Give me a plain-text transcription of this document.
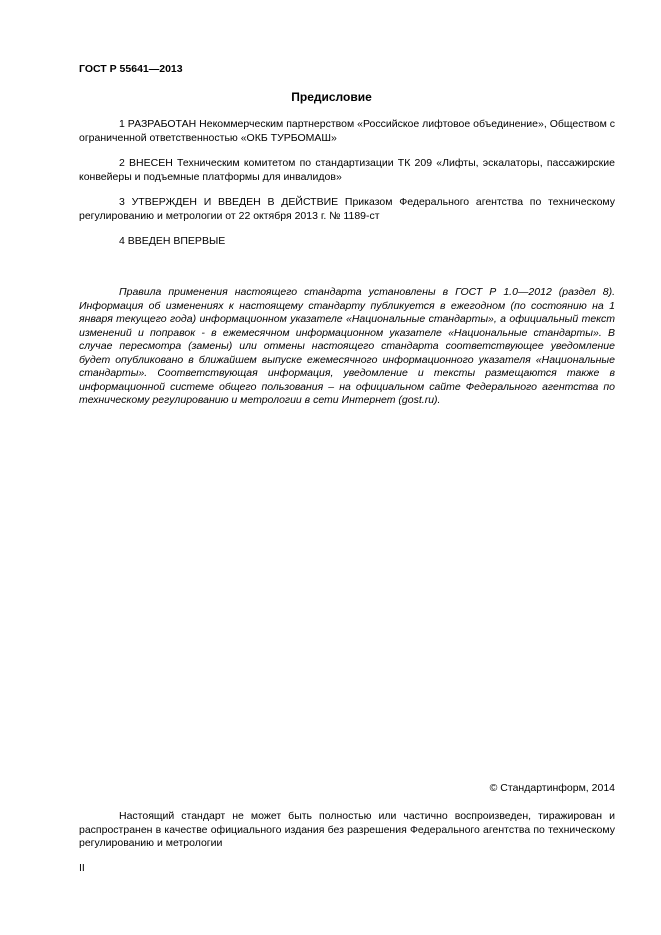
ГОСТ Р 55641—2013
Предисловие

1 РАЗРАБОТАН Некоммерческим партнерством «Российское лифтовое объединение», Обществом с ограниченной ответственностью «ОКБ ТУРБОМАШ»

2 ВНЕСЕН Техническим комитетом по стандартизации ТК 209 «Лифты, эскалаторы, пассажирские конвейеры и подъемные платформы для инвалидов»

3 УТВЕРЖДЕН И ВВЕДЕН В ДЕЙСТВИЕ Приказом Федерального агентства по техническому регулированию и метрологии от 22 октября 2013 г. № 1189-ст

4 ВВЕДЕН ВПЕРВЫЕ

Правила применения настоящего стандарта установлены в ГОСТ Р 1.0—2012 (раздел 8). Информация об изменениях к настоящему стандарту публикуется в ежегодном (по состоянию на 1 января текущего года) информационном указателе «Национальные стандарты», а официальный текст изменений и поправок - в ежемесячном информационном указателе «Национальные стандарты». В случае пересмотра (замены) или отмены настоящего стандарта соответствующее уведомление будет опубликовано в ближайшем выпуске ежемесячного информационного указателя «Национальные стандарты». Соответствующая информация, уведомление и тексты размещаются также в информационной системе общего пользования – на официальном сайте Федерального агентства по техническому регулированию и метрологии в сети Интернет (gost.ru).

© Стандартинформ, 2014

Настоящий стандарт не может быть полностью или частично воспроизведен, тиражирован и распространен в качестве официального издания без разрешения Федерального агентства по техническому регулированию и метрологии

II
